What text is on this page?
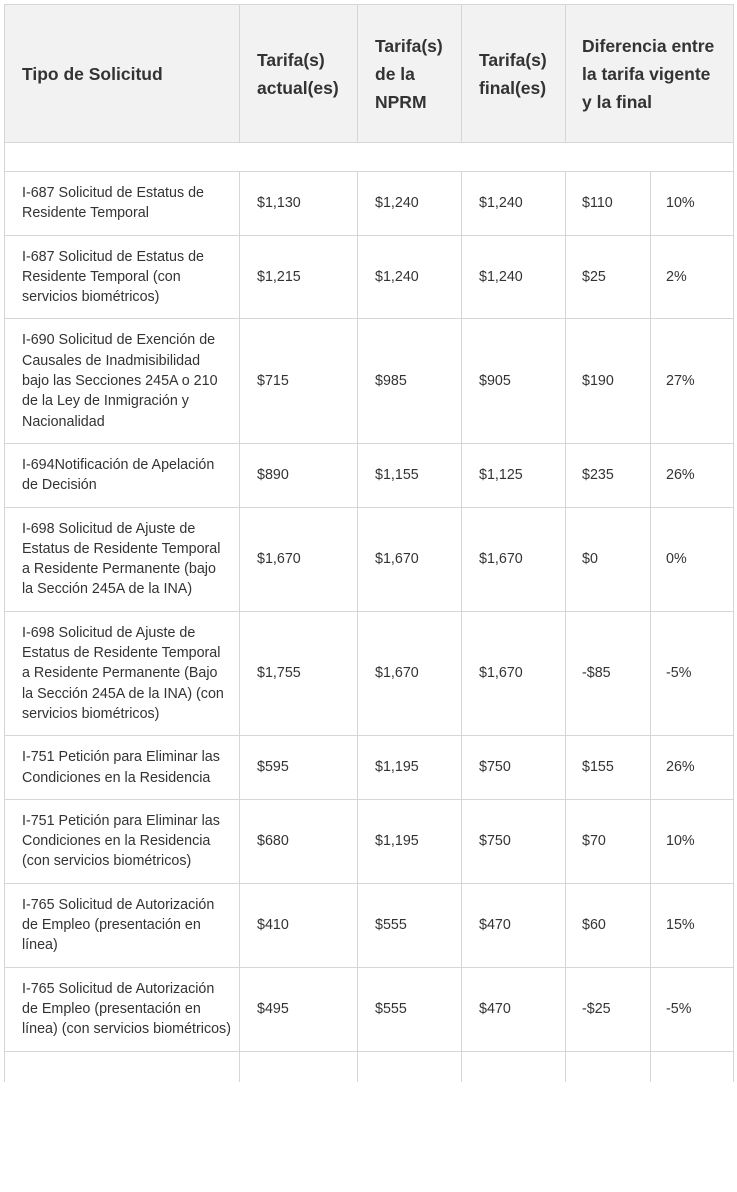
Tipo de Solicitud	Tarifa(s) actual(es)	Tarifa(s) de la NPRM	Tarifa(s) final(es)	Diferencia entre la tarifa vigente y la final	

I-687 Solicitud de Estatus de Residente Temporal	$1,130	$1,240	$1,240	$110	10%
I-687 Solicitud de Estatus de Residente Temporal (con servicios biométricos)	$1,215	$1,240	$1,240	$25	2%
I-690 Solicitud de Exención de Causales de Inadmisibilidad bajo las Secciones 245A o 210 de la Ley de Inmigración y Nacionalidad	$715	$985	$905	$190	27%
I-694Notificación de Apelación de Decisión	$890	$1,155	$1,125	$235	26%
I-698 Solicitud de Ajuste de Estatus de Residente Temporal a Residente Permanente (bajo la Sección 245A de la INA)	$1,670	$1,670	$1,670	$0	0%
I-698 Solicitud de Ajuste de Estatus de Residente Temporal a Residente Permanente (Bajo la Sección 245A de la INA) (con servicios biométricos)	$1,755	$1,670	$1,670	-$85	-5%
I-751 Petición para Eliminar las Condiciones en la Residencia	$595	$1,195	$750	$155	26%
I-751 Petición para Eliminar las Condiciones en la Residencia (con servicios biométricos)	$680	$1,195	$750	$70	10%
I-765 Solicitud de Autorización de Empleo (presentación en línea)	$410	$555	$470	$60	15%
I-765 Solicitud de Autorización de Empleo (presentación en línea) (con servicios biométricos)	$495	$555	$470	-$25	-5%
